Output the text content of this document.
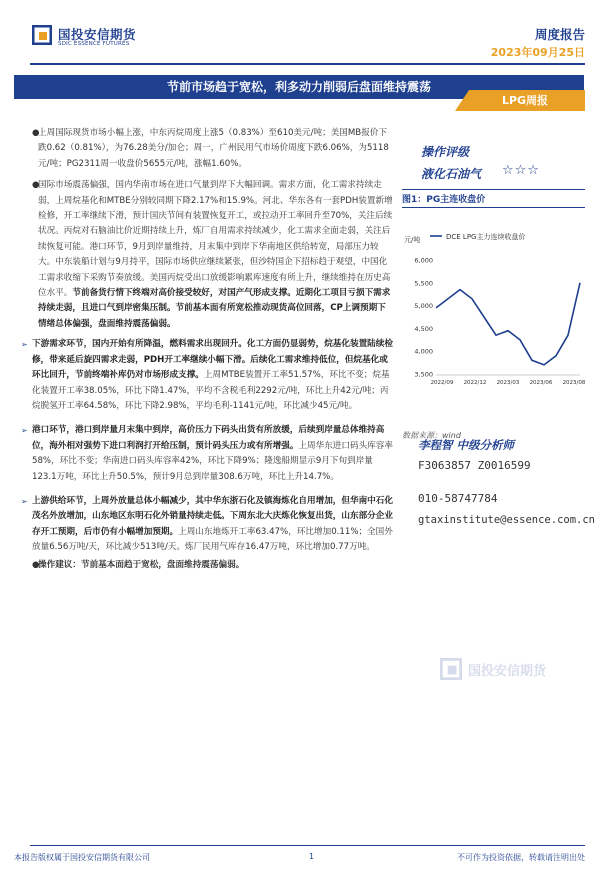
国投安信期货
SDIC ESSENCE FUTURES
周度报告
2023年09月25日
节前市场趋于宽松，利多动力削弱后盘面维持震荡
LPG周报

●上周国际现货市场小幅上涨，中东丙烷周度上涨5（0.83%）至610美元/吨；美国MB报价下跌0.62（0.81%），为76.28美分/加仑；周一，广州民用气市场价周度下跌6.06%，为5118元/吨；PG2311周一收盘价5655元/吨，涨幅1.60%。

●国际市场震荡偏强，国内华南市场在进口气量到岸下大幅回调。需求方面，化工需求持续走弱，上周烷基化和MTBE分别较同期下降2.17%和15.9%。河北、华东各有一套PDH装置新增检修，开工率继续下滑，预计国庆节间有装置恢复开工，或拉动开工率回升至70%，关注后续状况。丙烷对石脑油比价近期持续上升，炼厂自用需求持续减少，化工需求全面走弱，关注后续恢复可能。港口环节，9月到岸量维持，月末集中到岸下华南地区供给转宽，局部压力较大。中东装船计划与9月持平，国际市场供应继续紧张，但沙特国企下招标趋于观望，中国化工需求收缩下采购节奏放缓。美国丙烷受出口放缓影响累库速度有所上升，继续维持在历史高位水平。节前备货行情下终端对高价接受较好，对国产气形成支撑。近期化工项目亏损下需求持续走弱，且进口气到岸密集压制。节前基本面有所宽松推动现货高位回落，CP上调预期下情绪总体偏强，盘面维持震荡偏弱。

➢ 下游需求环节，国内开始有所降温，燃料需求出现回升。化工方面仍显弱势，烷基化装置陆续检修，带来延后旋四需求走弱，PDH开工率继续小幅下滑。后续化工需求维持低位，但烷基化或环比回升，节前终端补库仍对市场形成支撑。上周MTBE装置开工率51.57%，环比不变；烷基化装置开工率38.05%，环比下降1.47%，平均不含税毛利2292元/吨，环比上升42元/吨；丙烷脱氢开工率64.58%，环比下降2.98%，平均毛利-1141元/吨，环比减少45元/吨。

➢ 港口环节，港口到岸量月末集中到岸，高价压力下码头出货有所放缓，后续到岸量总体维持高位，海外相对强势下进口利润打开给压制，预计码头压力或有所增强。上周华东进口码头库容率58%，环比不变；华南进口码头库容率42%，环比下降9%；隆逸船期显示9月下旬到岸量123.1万吨，环比上升50.5%，预计9月总到岸量308.6万吨，环比上升14.7%。

➢ 上游供给环节，上周外放量总体小幅减少，其中华东浙石化及镇海炼化自用增加，但华南中石化茂名外放增加，山东地区东明石化外销量持续走低。下周东北大庆炼化恢复出货，山东部分企业存开工预期，后市仍有小幅增加预期。上周山东地炼开工率63.47%，环比增加0.11%；全国外放量6.56万吨/天，环比减少513吨/天。炼厂民用气库存16.47万吨，环比增加0.77万吨。

●操作建议：节前基本面趋于宽松，盘面维持震荡偏弱。

操作评级
液化石油气 ☆☆☆
图1：PG主连收盘价
6,000
5,500
5,000
4,500
4,000
3,500
2022/09 2022/12 2023/03 2023/06 2023/08
DCE LPG主力连续收盘价
元/吨
数据来源：wind
李程智 中级分析师
F3063857 Z0016599
010-58747784
gtaxinstitute@essence.com.cn
国投安信期货
本报告版权属于国投安信期货有限公司	1	不可作为投资依据，转载请注明出处
